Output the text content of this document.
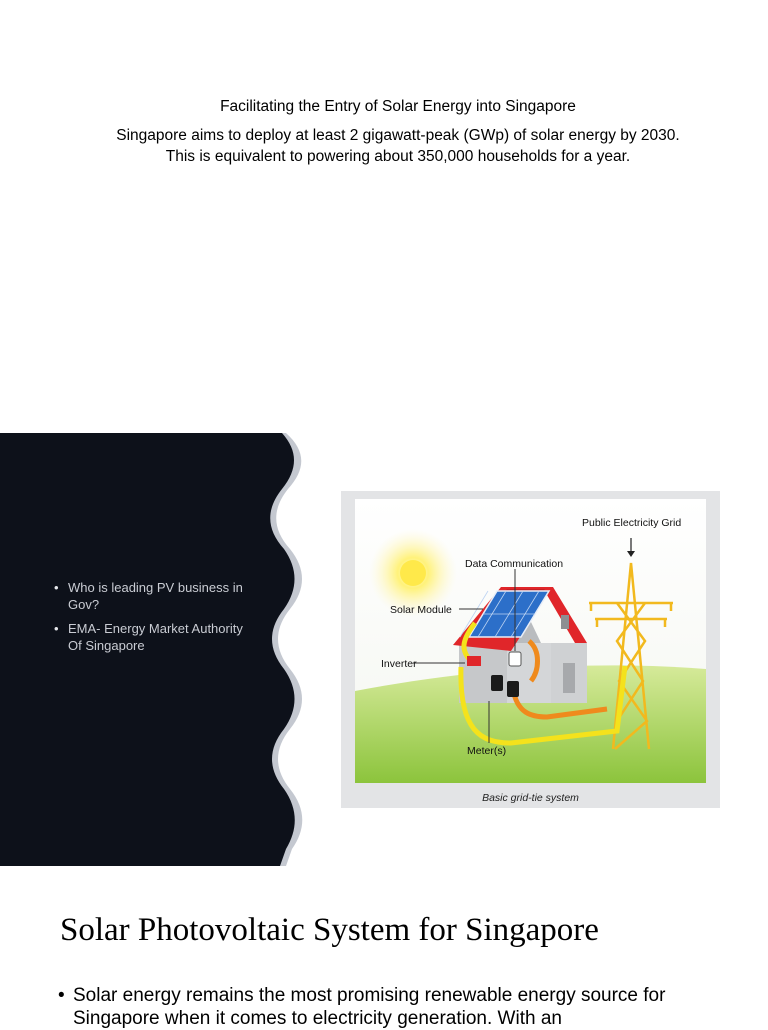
Facilitating the Entry of Solar Energy into Singapore
Singapore aims to deploy at least 2 gigawatt-peak (GWp) of solar energy by 2030. This is equivalent to powering about 350,000 households for a year.
• Who is leading PV business in Gov?
• EMA- Energy Market Authority Of Singapore
Public Electricity Grid
Data Communication
Solar Module
Inverter
Meter(s)
Basic grid-tie system
Solar Photovoltaic System for Singapore
• Solar energy remains the most promising renewable energy source for Singapore when it comes to electricity generation. With an
